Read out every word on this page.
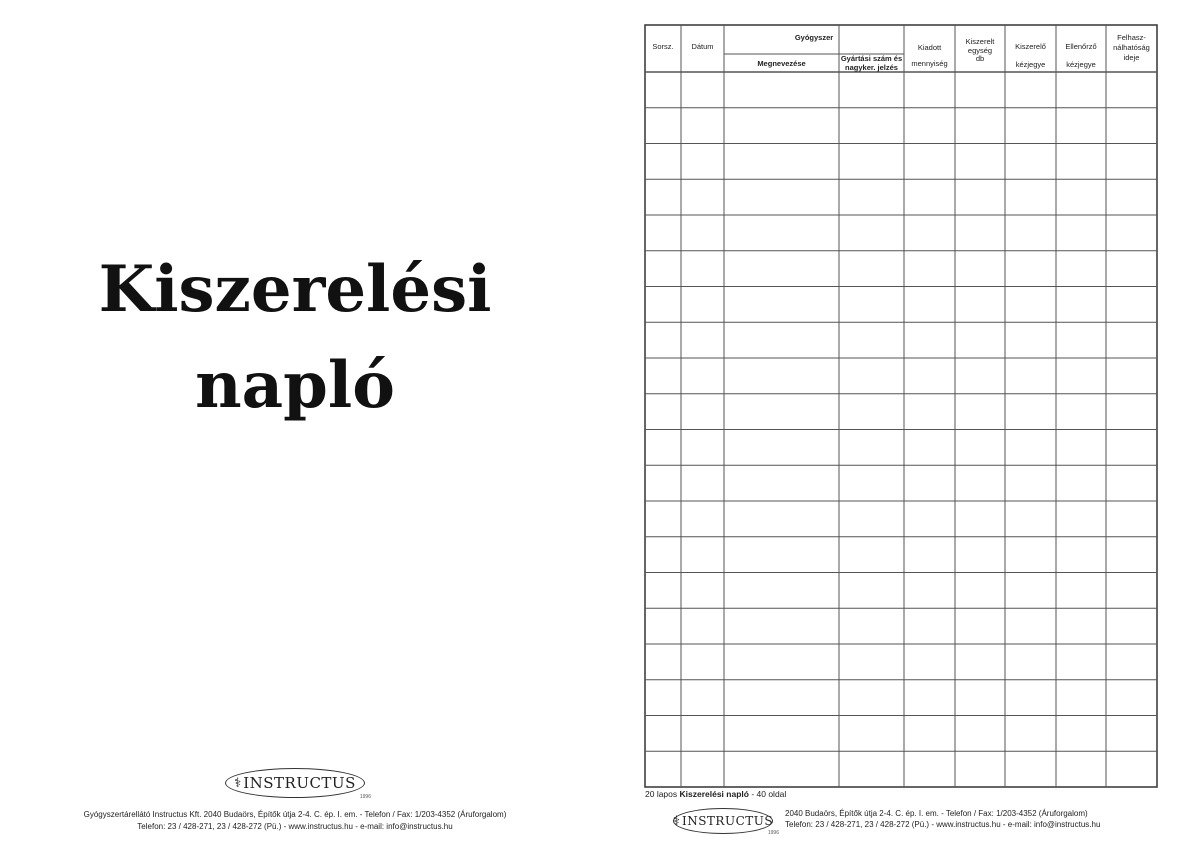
Kiszerelési
napló
⚕ INSTRUCTUS
1996
Gyógyszertárellátó Instructus Kft. 2040 Budaörs, Építők útja 2-4. C. ép. I. em. - Telefon / Fax: 1/203-4352 (Áruforgalom)
Telefon: 23 / 428-271, 23 / 428-272 (Pü.) - www.instructus.hu - e-mail: info@instructus.hu
Sorsz.	Dátum
Gyógyszer
Megnevezése
Gyártási szám és
nagyker. jelzés
Kiadott
mennyiség
Kiszerelt
egység
db
Kiszerelő
kézjegye
Ellenőrző
kézjegye
Felhasz-
nálhatóság
ideje
20 lapos Kiszerelési napló - 40 oldal
⚕ INSTRUCTUS
1996
2040 Budaörs, Építők útja 2-4. C. ép. I. em. - Telefon / Fax: 1/203-4352 (Áruforgalom)
Telefon: 23 / 428-271, 23 / 428-272 (Pü.) - www.instructus.hu - e-mail: info@instructus.hu
